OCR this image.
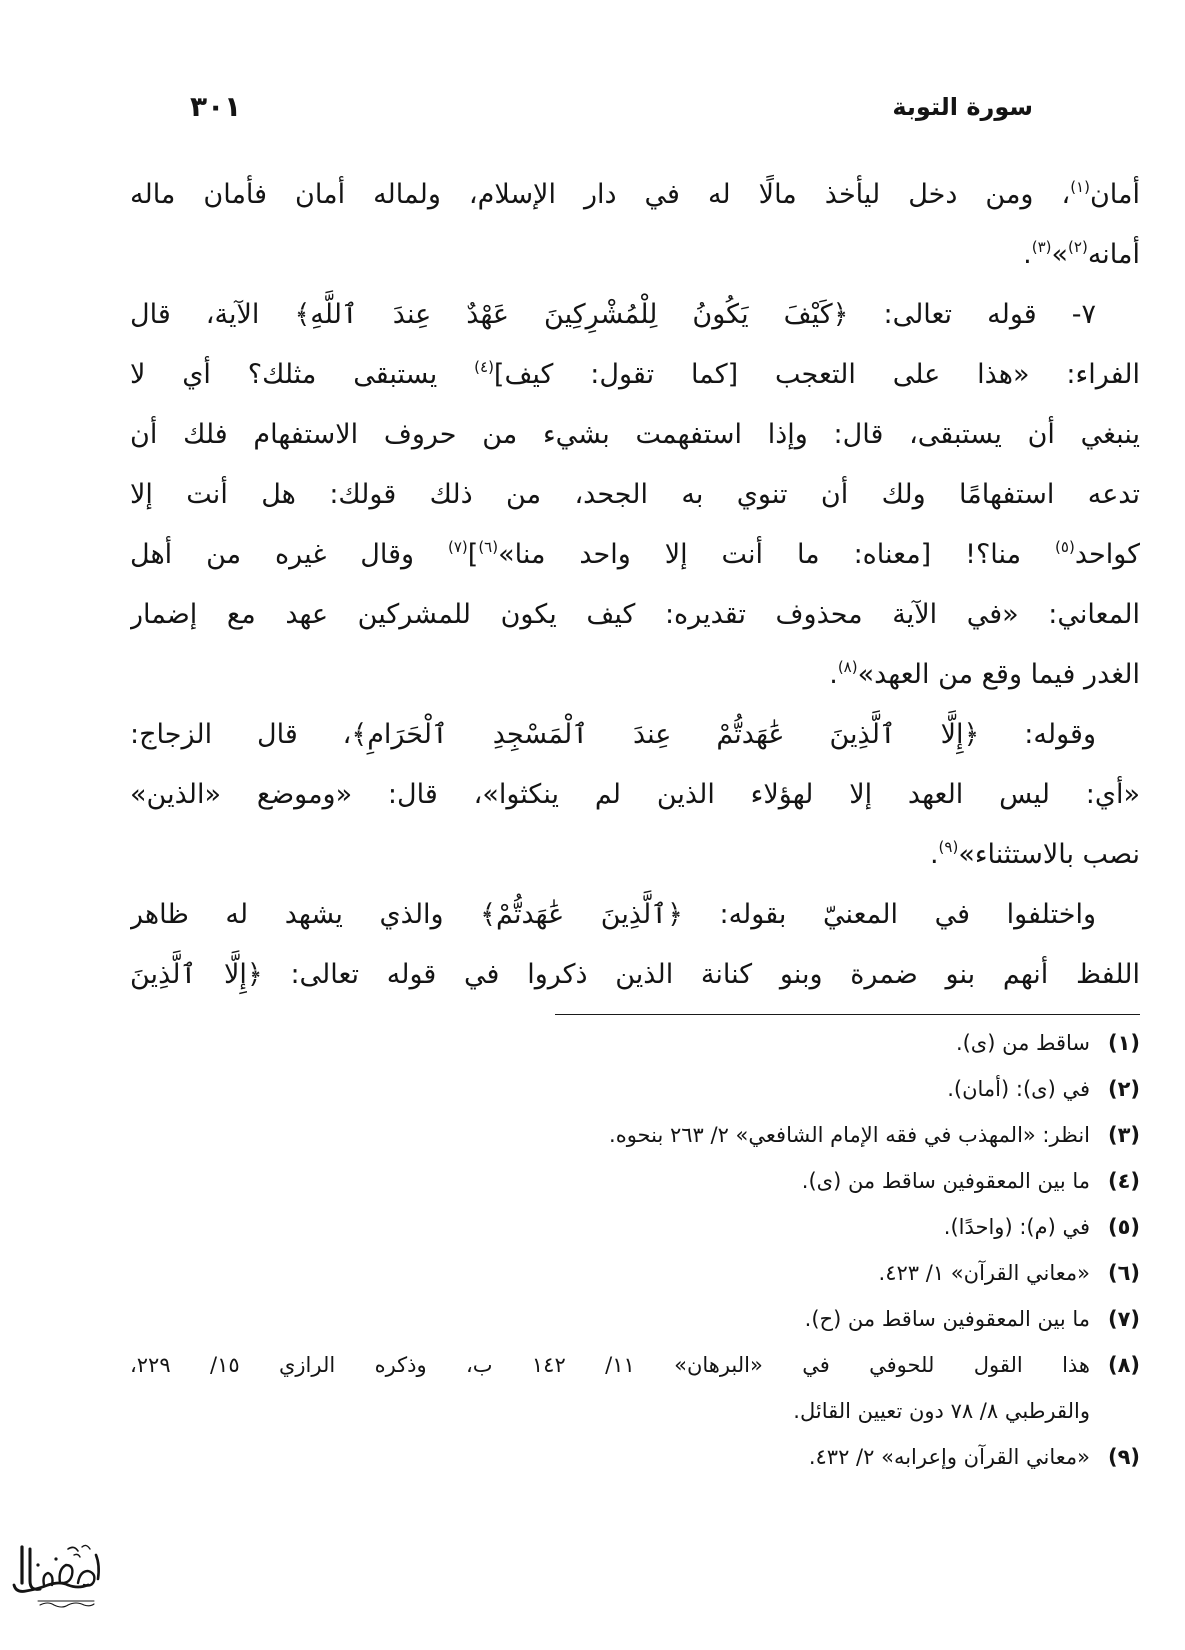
سورة التوبة
٣٠١
أمان$^{(١)}$، ومن دخل ليأخذ مالًا له في دار الإسلام، ولماله أمان فأمان ماله
أمانه$^{(٢)}$»$^{(٣)}$.
٧- قوله تعالى: ﴿كَيْفَ يَكُونُ لِلْمُشْرِكِينَ عَهْدٌ عِندَ ٱللَّهِ﴾ الآية، قال
الفراء: «هذا على التعجب [كما تقول: كيف]$^{(٤)}$ يستبقى مثلك؟ أي لا
ينبغي أن يستبقى، قال: وإذا استفهمت بشيء من حروف الاستفهام فلك أن
تدعه استفهامًا ولك أن تنوي به الجحد، من ذلك قولك: هل أنت إلا
كواحد$^{(٥)}$ منا؟! [معناه: ما أنت إلا واحد منا»$^{(٦)}$]$^{(٧)}$ وقال غيره من أهل
المعاني: «في الآية محذوف تقديره: كيف يكون للمشركين عهد مع إضمار
الغدر فيما وقع من العهد»$^{(٨)}$.
وقوله: ﴿إِلَّا ٱلَّذِينَ عَٰهَدتُّمْ عِندَ ٱلْمَسْجِدِ ٱلْحَرَامِ﴾، قال الزجاج:
«أي: ليس العهد إلا لهؤلاء الذين لم ينكثوا»، قال: «وموضع «الذين»
نصب بالاستثناء»$^{(٩)}$.
واختلفوا في المعنيّ بقوله: ﴿ٱلَّذِينَ عَٰهَدتُّمْ﴾ والذي يشهد له ظاهر
اللفظ أنهم بنو ضمرة وبنو كنانة الذين ذكروا في قوله تعالى: ﴿إِلَّا ٱلَّذِينَ
(١)
ساقط من (ى).
(٢)
في (ى): (أمان).
(٣)
انظر: «المهذب في فقه الإمام الشافعي» ٢/ ٢٦٣ بنحوه.
(٤)
ما بين المعقوفين ساقط من (ى).
(٥)
في (م): (واحدًا).
(٦)
«معاني القرآن» ١/ ٤٢٣.
(٧)
ما بين المعقوفين ساقط من (ح).
(٨)
هذا القول للحوفي في «البرهان» ١١/ ١٤٢ ب، وذكره الرازي ١٥/ ٢٢٩،
والقرطبي ٨/ ٧٨ دون تعيين القائل.
(٩)
«معاني القرآن وإعرابه» ٢/ ٤٣٢.
